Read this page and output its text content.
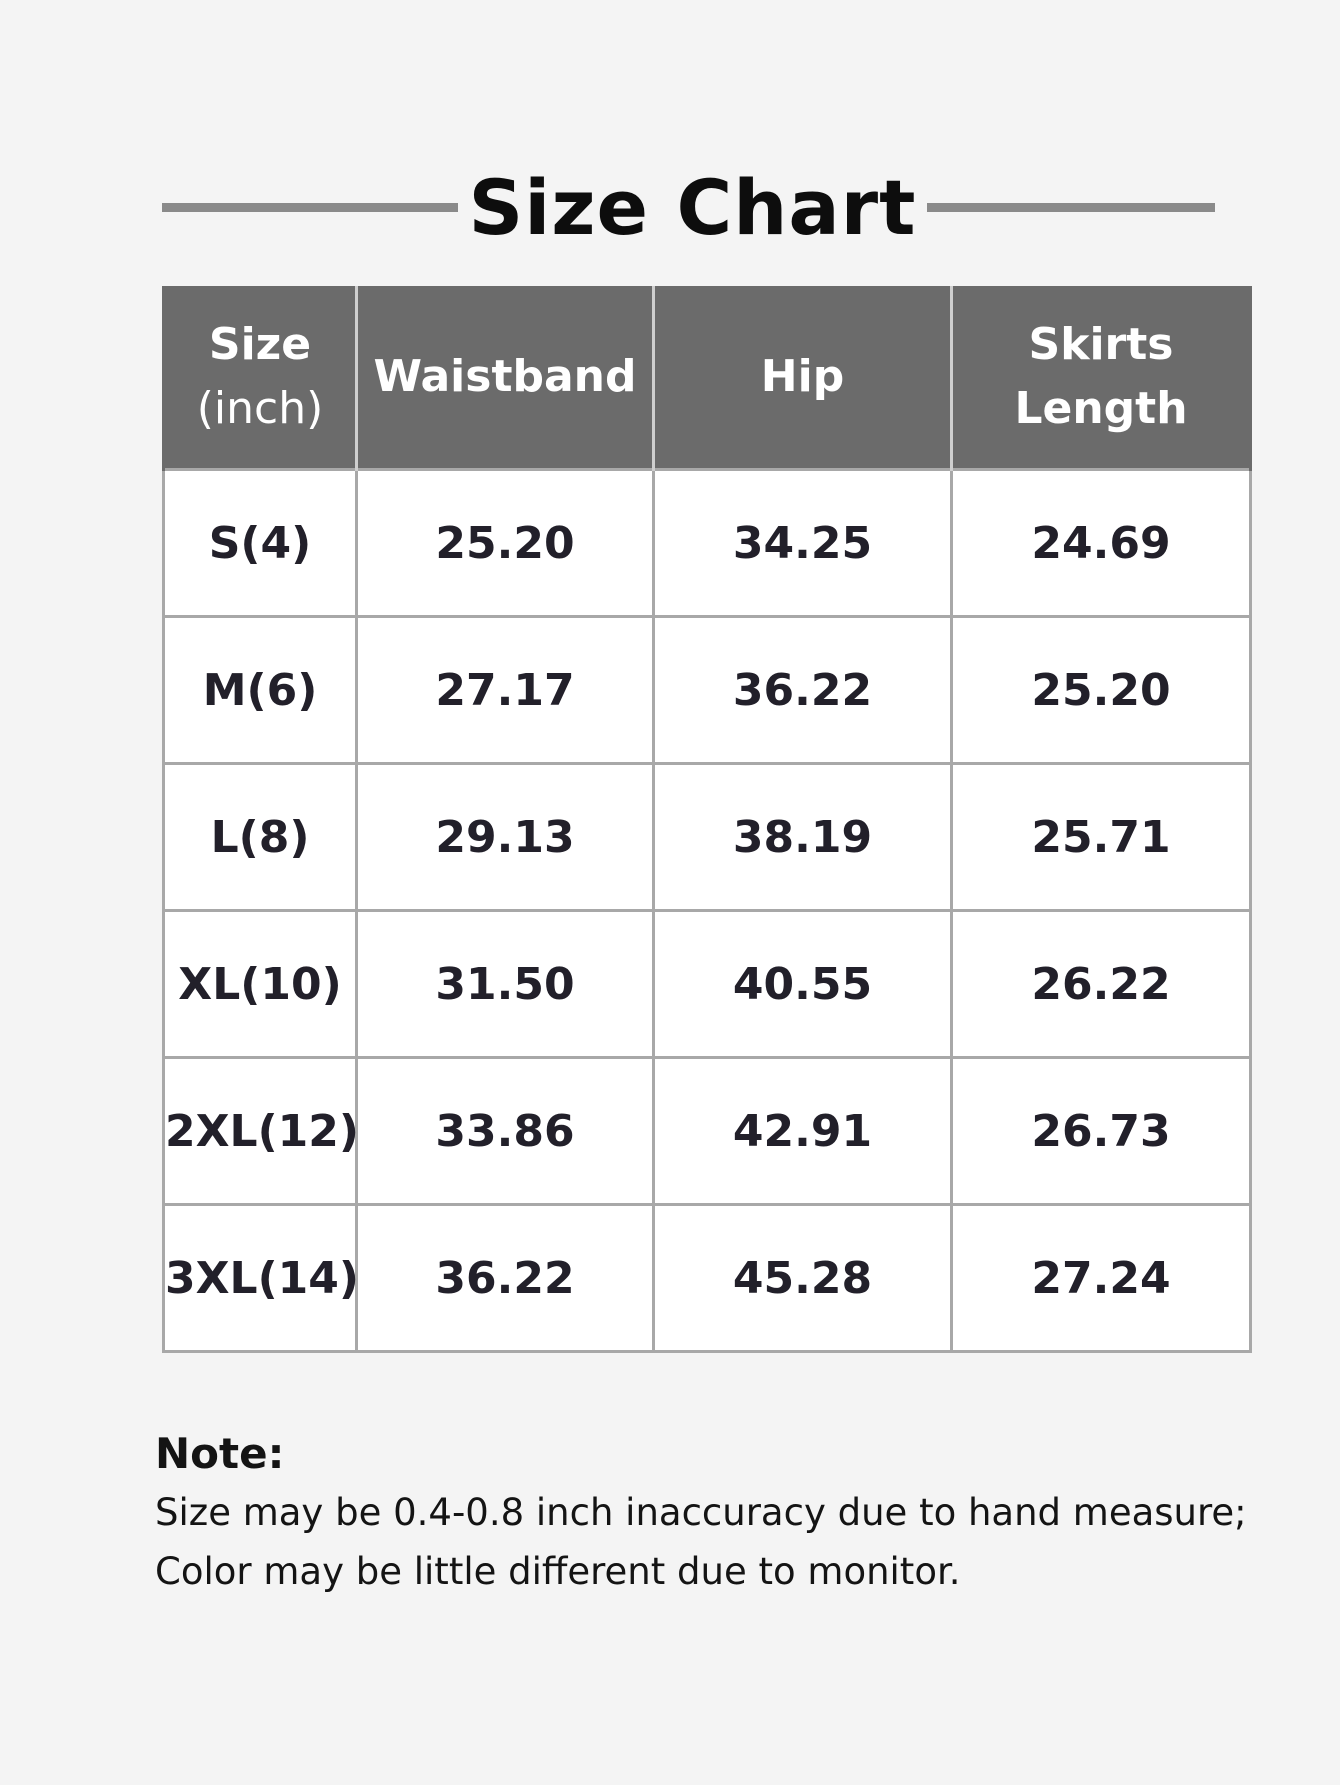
Size Chart
Size
(inch)	Waistband	Hip	Skirts
Length

S(4)	25.20	34.25	24.69
M(6)	27.17	36.22	25.20
L(8)	29.13	38.19	25.71
XL(10)	31.50	40.55	26.22
2XL(12)	33.86	42.91	26.73
3XL(14)	36.22	45.28	27.24
Note:
Size may be 0.4-0.8 inch inaccuracy due to hand measure;
Color may be little different due to monitor.
